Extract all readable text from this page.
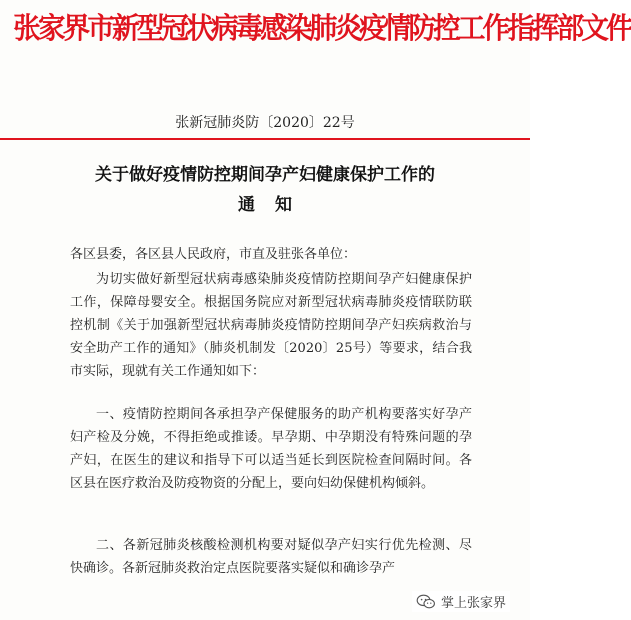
张家界市新型冠状病毒感染肺炎疫情防控工作指挥部文件
张新冠肺炎防〔2020〕22号
关于做好疫情防控期间孕产妇健康保护工作的
通知
各区县委，各区县人民政府，市直及驻张各单位：
为切实做好新型冠状病毒感染肺炎疫情防控期间孕产妇健康保护工作，保障母婴安全。根据国务院应对新型冠状病毒肺炎疫情联防联控机制《关于加强新型冠状病毒肺炎疫情防控期间孕产妇疾病救治与安全助产工作的通知》（肺炎机制发〔2020〕25号）等要求，结合我市实际，现就有关工作通知如下：
一、疫情防控期间各承担孕产保健服务的助产机构要落实好孕产妇产检及分娩，不得拒绝或推诿。早孕期、中孕期没有特殊问题的孕产妇，在医生的建议和指导下可以适当延长到医院检查间隔时间。各区县在医疗救治及防疫物资的分配上，要向妇幼保健机构倾斜。
二、各新冠肺炎核酸检测机构要对疑似孕产妇实行优先检测、尽快确诊。各新冠肺炎救治定点医院要落实疑似和确诊孕产
掌上张家界
